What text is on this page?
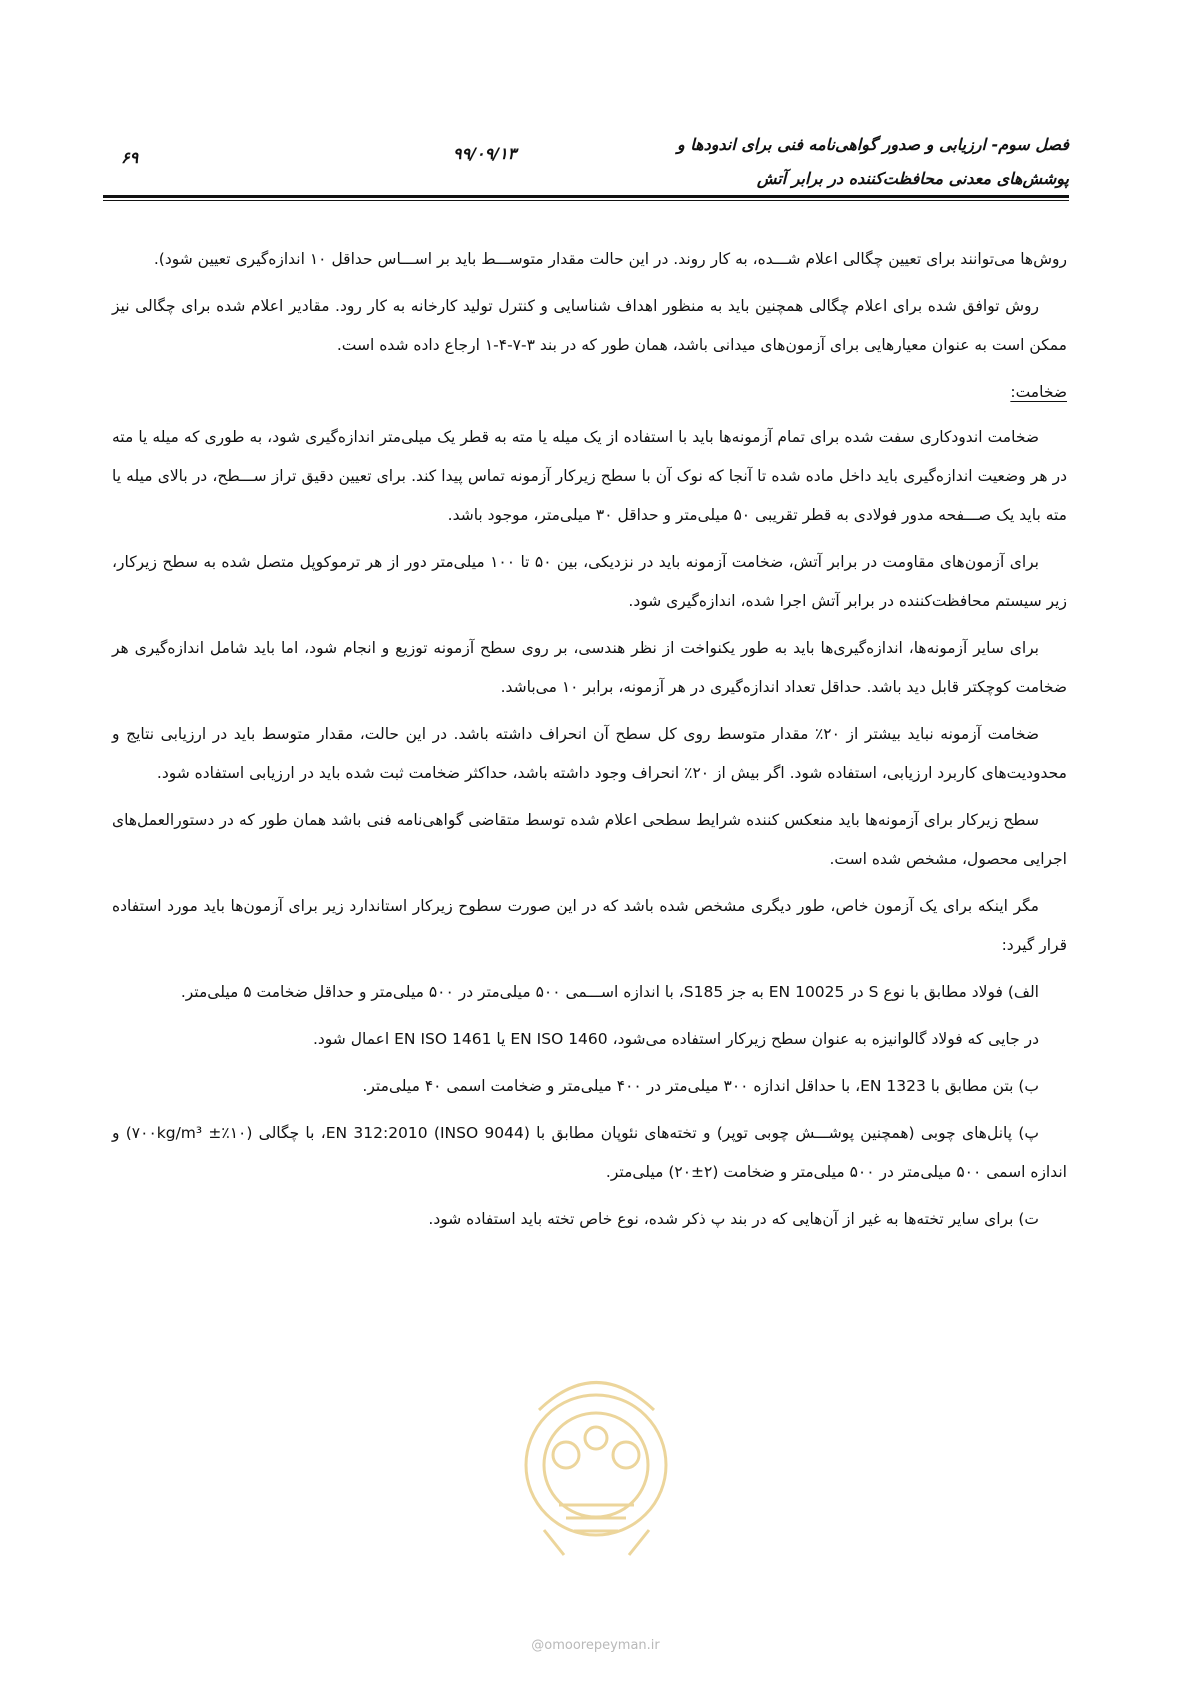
فصل سوم- ارزیابی و صدور گواهی‌نامه فنی برای اندودها و
پوشش‌های معدنی محافظت‌کننده در برابر آتش
۹۹/۰۹/۱۳
۶۹

روش‌ها می‌توانند برای تعیین چگالی اعلام شـــده، به کار روند. در این حالت مقدار متوســـط باید بر اســـاس حداقل ۱۰ اندازه‌گیری تعیین شود).

روش توافق شده برای اعلام چگالی همچنین باید به منظور اهداف شناسایی و کنترل تولید کارخانه به کار رود. مقادیر اعلام شده برای چگالی نیز ممکن است به عنوان معیارهایی برای آزمون‌های میدانی باشد، همان طور که در بند ۳-۷-۴-۱ ارجاع داده شده است.

ضخامت:

ضخامت اندودکاری سفت شده برای تمام آزمونه‌ها باید با استفاده از یک میله یا مته به قطر یک میلی‌متر اندازه‌گیری شود، به طوری که میله یا مته در هر وضعیت اندازه‌گیری باید داخل ماده شده تا آنجا که نوک آن با سطح زیرکار آزمونه تماس پیدا کند. برای تعیین دقیق تراز ســـطح، در بالای میله یا مته باید یک صـــفحه مدور فولادی به قطر تقریبی ۵۰ میلی‌متر و حداقل ۳۰ میلی‌متر، موجود باشد.

برای آزمون‌های مقاومت در برابر آتش، ضخامت آزمونه باید در نزدیکی، بین ۵۰ تا ۱۰۰ میلی‌متر دور از هر ترموکوپل متصل شده به سطح زیرکار، زیر سیستم محافظت‌کننده در برابر آتش اجرا شده، اندازه‌گیری شود.

برای سایر آزمونه‌ها، اندازه‌گیری‌ها باید به طور یکنواخت از نظر هندسی، بر روی سطح آزمونه توزیع و انجام شود، اما باید شامل اندازه‌گیری هر ضخامت کوچکتر قابل دید باشد. حداقل تعداد اندازه‌گیری در هر آزمونه، برابر ۱۰ می‌باشد.

ضخامت آزمونه نباید بیشتر از ۲۰٪ مقدار متوسط روی کل سطح آن انحراف داشته باشد. در این حالت، مقدار متوسط باید در ارزیابی نتایج و محدودیت‌های کاربرد ارزیابی، استفاده شود. اگر بیش از ۲۰٪ انحراف وجود داشته باشد، حداکثر ضخامت ثبت شده باید در ارزیابی استفاده شود.

سطح زیرکار برای آزمونه‌ها باید منعکس کننده شرایط سطحی اعلام شده توسط متقاضی گواهی‌نامه فنی باشد همان طور که در دستورالعمل‌های اجرایی محصول، مشخص شده است.

مگر اینکه برای یک آزمون خاص، طور دیگری مشخص شده باشد که در این صورت سطوح زیرکار استاندارد زیر برای آزمون‌ها باید مورد استفاده قرار گیرد:

الف) فولاد مطابق با نوع S در EN 10025 به جز S185، با اندازه اســـمی ۵۰۰ میلی‌متر در ۵۰۰ میلی‌متر و حداقل ضخامت ۵ میلی‌متر.

در جایی که فولاد گالوانیزه به عنوان سطح زیرکار استفاده می‌شود، EN ISO 1460 یا EN ISO 1461 اعمال شود.

ب) بتن مطابق با EN 1323، با حداقل اندازه ۳۰۰ میلی‌متر در ۴۰۰ میلی‌متر و ضخامت اسمی ۴۰ میلی‌متر.

پ) پانل‌های چوبی (همچنین پوشـــش چوبی توپر) و تخته‌های نئوپان مطابق با (INSO 9044) EN 312:2010، با چگالی (۱۰٪± ۷۰۰kg/m³) و اندازه اسمی ۵۰۰ میلی‌متر در ۵۰۰ میلی‌متر و ضخامت (۲±۲۰) میلی‌متر.

ت) برای سایر تخته‌ها به غیر از آن‌هایی که در بند پ ذکر شده، نوع خاص تخته باید استفاده شود.

@omoorepeyman.ir
